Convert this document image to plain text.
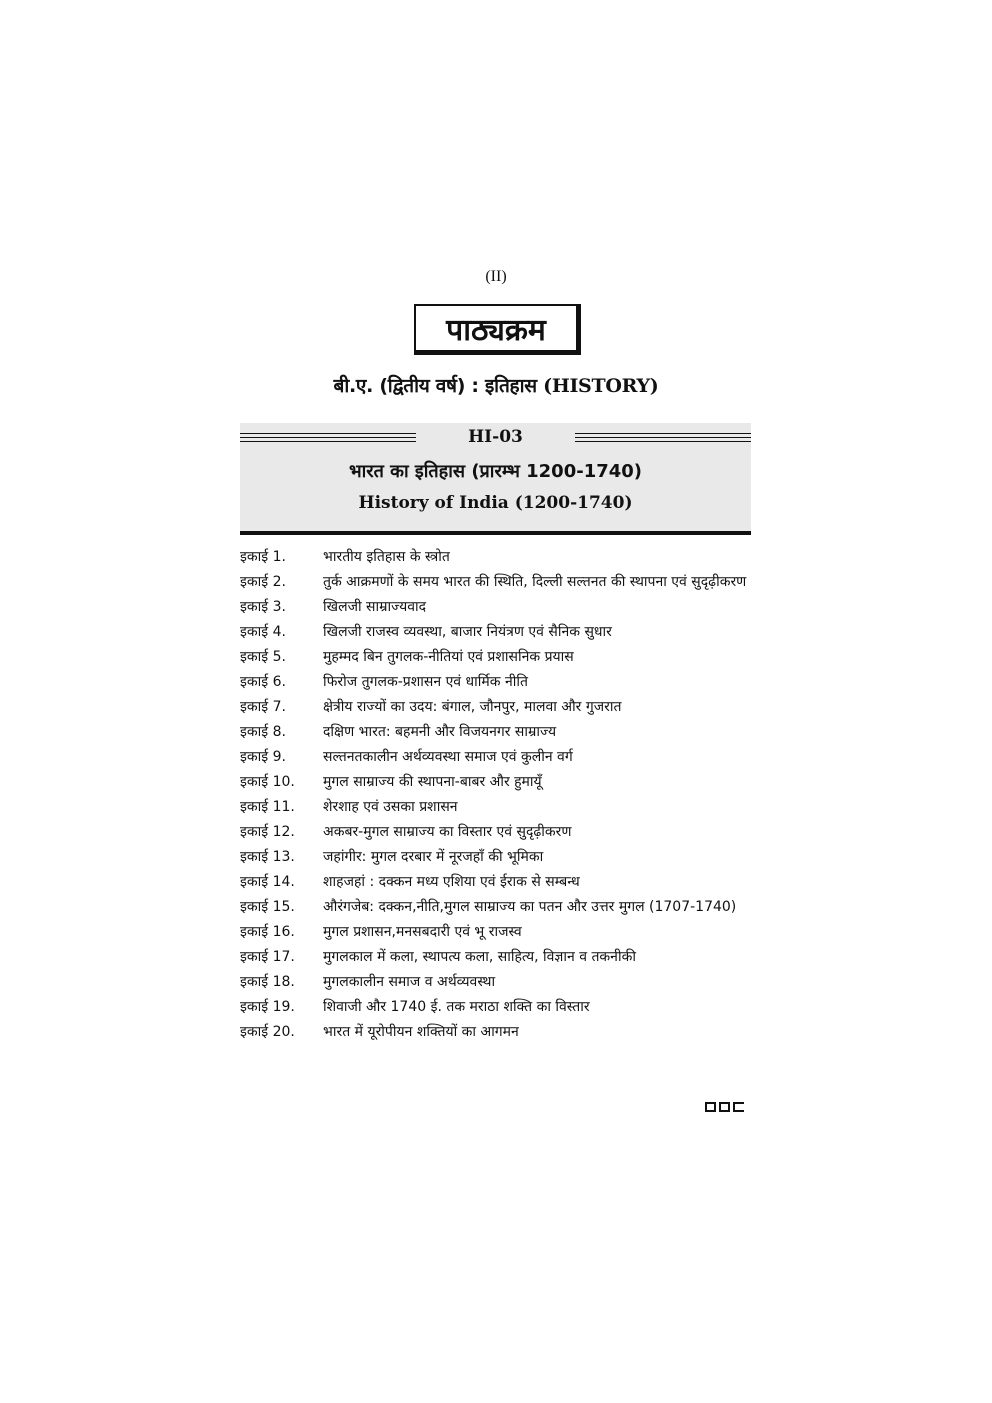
(II)
पाठ्यक्रम
बी.ए. (द्वितीय वर्ष) : इतिहास (HISTORY)
HI-03
भारत का इतिहास (प्रारम्भ 1200-1740)
History of India (1200-1740)
इकाई 1.	भारतीय इतिहास के स्त्रोत
इकाई 2.	तुर्क आक्रमणों के समय भारत की स्थिति, दिल्ली सल्तनत की स्थापना एवं सुदृढ़ीकरण
इकाई 3.	खिलजी साम्राज्यवाद
इकाई 4.	खिलजी राजस्व व्यवस्था, बाजार नियंत्रण एवं सैनिक सुधार
इकाई 5.	मुहम्मद बिन तुगलक-नीतियां एवं प्रशासनिक प्रयास
इकाई 6.	फिरोज तुगलक-प्रशासन एवं धार्मिक नीति
इकाई 7.	क्षेत्रीय राज्यों का उदय: बंगाल, जौनपुर, मालवा और गुजरात
इकाई 8.	दक्षिण भारत: बहमनी और विजयनगर साम्राज्य
इकाई 9.	सल्तनतकालीन अर्थव्यवस्था समाज एवं कुलीन वर्ग
इकाई 10.	मुगल साम्राज्य की स्थापना-बाबर और हुमायूँ
इकाई 11.	शेरशाह एवं उसका प्रशासन
इकाई 12.	अकबर-मुगल साम्राज्य का विस्तार एवं सुदृढ़ीकरण
इकाई 13.	जहांगीर: मुगल दरबार में नूरजहाँ की भूमिका
इकाई 14.	शाहजहां : दक्कन मध्य एशिया एवं ईराक से सम्बन्ध
इकाई 15.	औरंगजेब: दक्कन,नीति,मुगल साम्राज्य का पतन और उत्तर मुगल (1707-1740)
इकाई 16.	मुगल प्रशासन,मनसबदारी एवं भू राजस्व
इकाई 17.	मुगलकाल में कला, स्थापत्य कला, साहित्य, विज्ञान व तकनीकी
इकाई 18.	मुगलकालीन समाज व अर्थव्यवस्था
इकाई 19.	शिवाजी और 1740 ई. तक मराठा शक्ति का विस्तार
इकाई 20.	भारत में यूरोपीयन शक्तियों का आगमन
